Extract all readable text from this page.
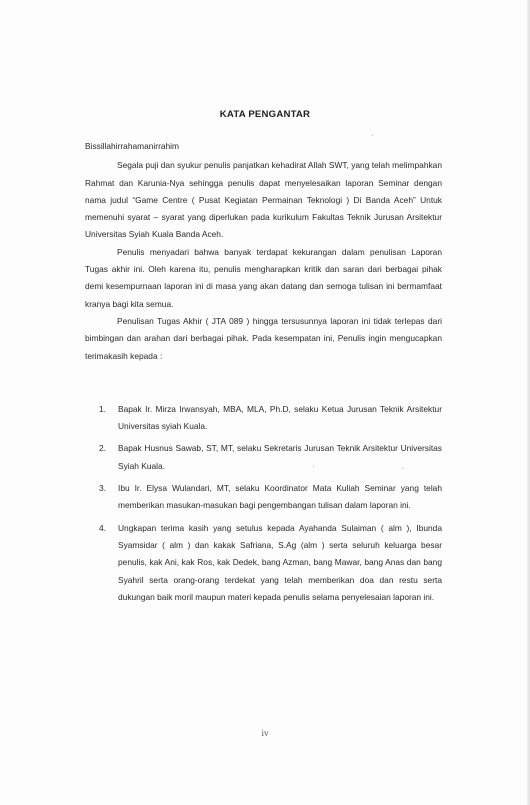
KATA PENGANTAR

Bissillahirrahamanirrahim

Segala puji dan syukur penulis panjatkan kehadirat Allah SWT, yang telah melimpahkan Rahmat dan Karunia-Nya sehingga penulis dapat menyelesaikan laporan Seminar dengan nama judul “Game Centre ( Pusat Kegiatan Permainan Teknologi ) Di Banda Aceh” Untuk memenuhi syarat – syarat yang diperlukan pada kurikulum Fakultas Teknik Jurusan Arsitektur Universitas Syiah Kuala Banda Aceh.

Penulis menyadari bahwa banyak terdapat kekurangan dalam penulisan Laporan Tugas akhir ini. Oleh karena itu, penulis mengharapkan kritik dan saran dari berbagai pihak demi kesempurnaan laporan ini di masa yang akan datang dan semoga tulisan ini bermamfaat kranya bagi kita semua.

Penulisan Tugas Akhir ( JTA 089 ) hingga tersusunnya laporan ini tidak terlepas dari bimbingan dan arahan dari berbagai pihak. Pada kesempatan ini, Penulis ingin mengucapkan terimakasih kepada :

1. Bapak Ir. Mirza Irwansyah, MBA, MLA, Ph.D, selaku Ketua Jurusan Teknik Arsitektur Universitas syiah Kuala.
2. Bapak Husnus Sawab, ST, MT, selaku Sekretaris Jurusan Teknik Arsitektur Universitas Syiah Kuala.
3. Ibu Ir. Elysa Wulandari, MT, selaku Koordinator Mata Kuliah Seminar yang telah memberikan masukan-masukan bagi pengembangan tulisan dalam laporan ini.
4. Ungkapan terima kasih yang setulus kepada Ayahanda Sulaiman ( alm ), Ibunda Syamsidar ( alm ) dan kakak Safriana, S.Ag (alm ) serta seluruh keluarga besar penulis, kak Ani, kak Ros, kak Dedek, bang Azman, bang Mawar, bang Anas dan bang Syahril serta orang-orang terdekat yang telah memberikan doa dan restu serta dukungan baik moril maupun materi kepada penulis selama penyelesaian laporan ini.
iv
